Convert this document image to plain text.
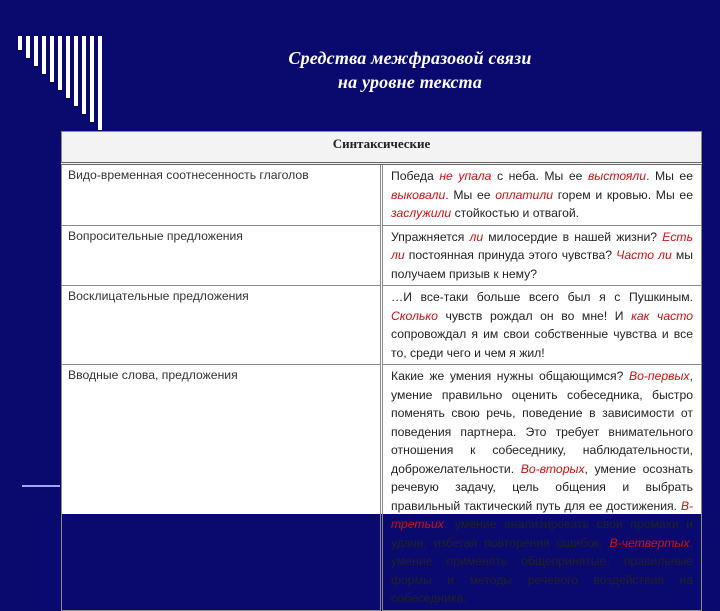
Средства межфразовой связи
на уровне текста
Синтаксические	
Видо-временная соотнесенность глаголов	Победа не упала с неба. Мы ее выстояли. Мы ее выковали. Мы ее оплатили горем и кровью. Мы ее заслужили стойкостью и отвагой.
Вопросительные предложения	Упражняется ли милосердие в нашей жизни? Есть ли постоянная принуда этого чувства? Часто ли мы получаем призыв к нему?
Восклицательные предложения	…И все-таки больше всего был я с Пушкиным. Сколько чувств рождал он во мне! И как часто сопровождал я им свои собственные чувства и все то, среди чего и чем я жил!
Вводные слова, предложения	Какие же умения нужны общающимся? Во-первых, умение правильно оценить собеседника, быстро поменять свою речь, поведение в зависимости от поведения партнера. Это требует внимательного отношения к собеседнику, наблюдательности, доброжелательности. Во-вторых, умение осознать речевую задачу, цель общения и выбрать правильный тактический путь для ее достижения. В-третьих, умение анализировать свои промахи и удачи, избегая повторения ошибок. В-четвертых, умение применять общепринятые, правильные формы и методы речевого воздействия на собеседника.
